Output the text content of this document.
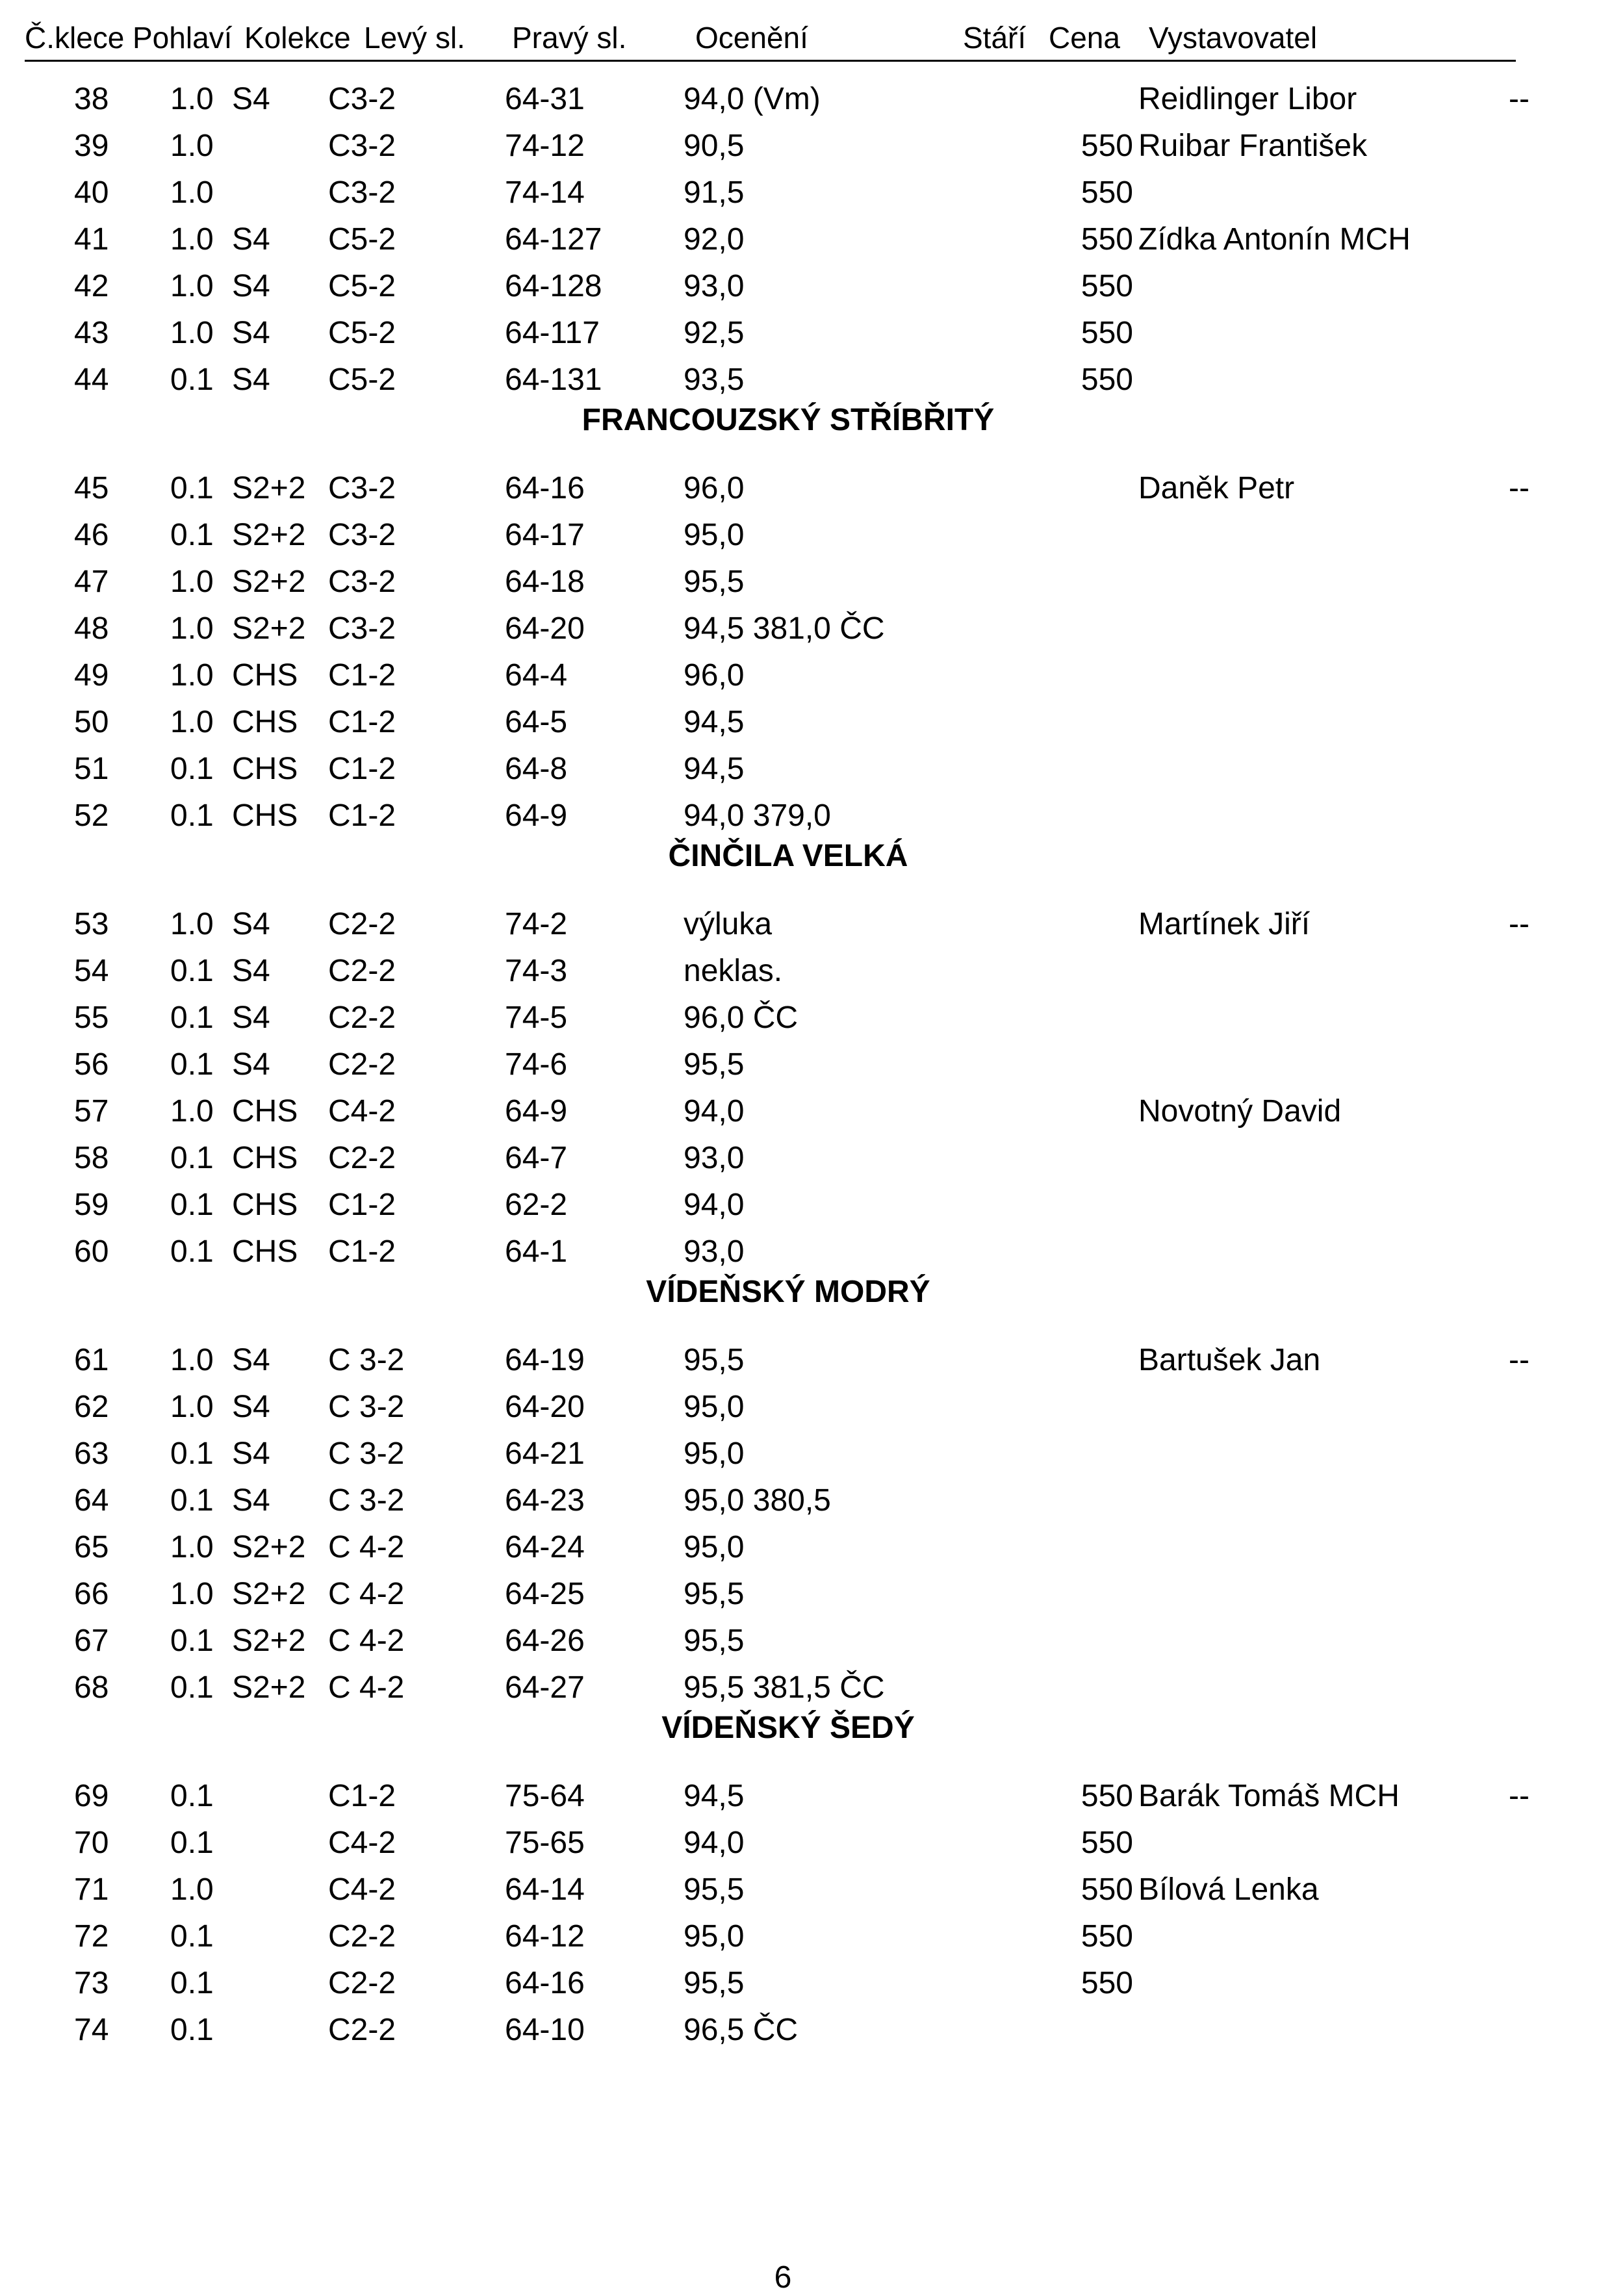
Č.klece Pohlaví Kolekce Levý sl. Pravý sl. Ocenění	Stáří Cena Vystavovatel
38 1.0 S4 C3-2	64-31	94,0 (Vm)	Reidlinger Libor	--
39 1.0	C3-2	74-12	90,5	550 Ruibar František
40 1.0	C3-2	74-14	91,5	550
41 1.0 S4 C5-2	64-127	92,0	550 Zídka Antonín MCH
42 1.0 S4 C5-2	64-128	93,0	550
43 1.0 S4 C5-2	64-117	92,5	550
44 0.1 S4 C5-2	64-131	93,5	550
FRANCOUZSKÝ STŘÍBŘITÝ
45 0.1 S2+2 C3-2	64-16	96,0	Daněk Petr	--
46 0.1 S2+2 C3-2	64-17	95,0
47 1.0 S2+2 C3-2	64-18	95,5
48 1.0 S2+2 C3-2	64-20	94,5 381,0 ČC
49 1.0 CHS C1-2	64-4	96,0
50 1.0 CHS C1-2	64-5	94,5
51 0.1 CHS C1-2	64-8	94,5
52 0.1 CHS C1-2	64-9	94,0 379,0
ČINČILA VELKÁ
53 1.0 S4 C2-2	74-2	výluka	Martínek Jiří	--
54 0.1 S4 C2-2	74-3	neklas.
55 0.1 S4 C2-2	74-5	96,0 ČC
56 0.1 S4 C2-2	74-6	95,5
57 1.0 CHS C4-2	64-9	94,0	Novotný David
58 0.1 CHS C2-2	64-7	93,0
59 0.1 CHS C1-2	62-2	94,0
60 0.1 CHS C1-2	64-1	93,0
VÍDEŇSKÝ MODRÝ
61 1.0 S4 C 3-2	64-19	95,5	Bartušek Jan	--
62 1.0 S4 C 3-2	64-20	95,0
63 0.1 S4 C 3-2	64-21	95,0
64 0.1 S4 C 3-2	64-23	95,0 380,5
65 1.0 S2+2 C 4-2	64-24	95,0
66 1.0 S2+2 C 4-2	64-25	95,5
67 0.1 S2+2 C 4-2	64-26	95,5
68 0.1 S2+2 C 4-2	64-27	95,5 381,5 ČC
VÍDEŇSKÝ ŠEDÝ
69 0.1	C1-2	75-64	94,5	550 Barák Tomáš MCH	--
70 0.1	C4-2	75-65	94,0	550
71 1.0	C4-2	64-14	95,5	550 Bílová Lenka
72 0.1	C2-2	64-12	95,0	550
73 0.1	C2-2	64-16	95,5	550
74 0.1	C2-2	64-10	96,5 ČC
6
